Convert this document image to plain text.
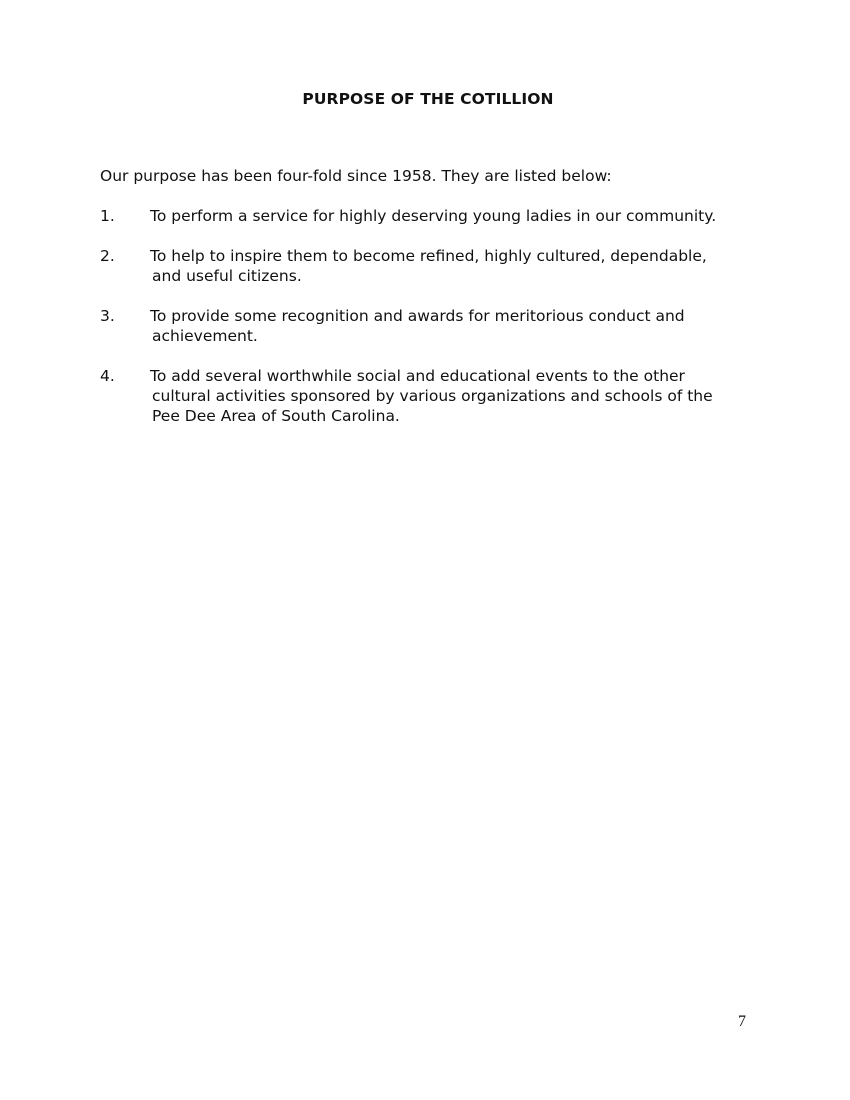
PURPOSE OF THE COTILLION
Our purpose has been four-fold since 1958. They are listed below:
1. To perform a service for highly deserving young ladies in our community.
2. To help to inspire them to become refined, highly cultured, dependable, and useful citizens.
3. To provide some recognition and awards for meritorious conduct and achievement.
4. To add several worthwhile social and educational events to the other cultural activities sponsored by various organizations and schools of the Pee Dee Area of South Carolina.
7
